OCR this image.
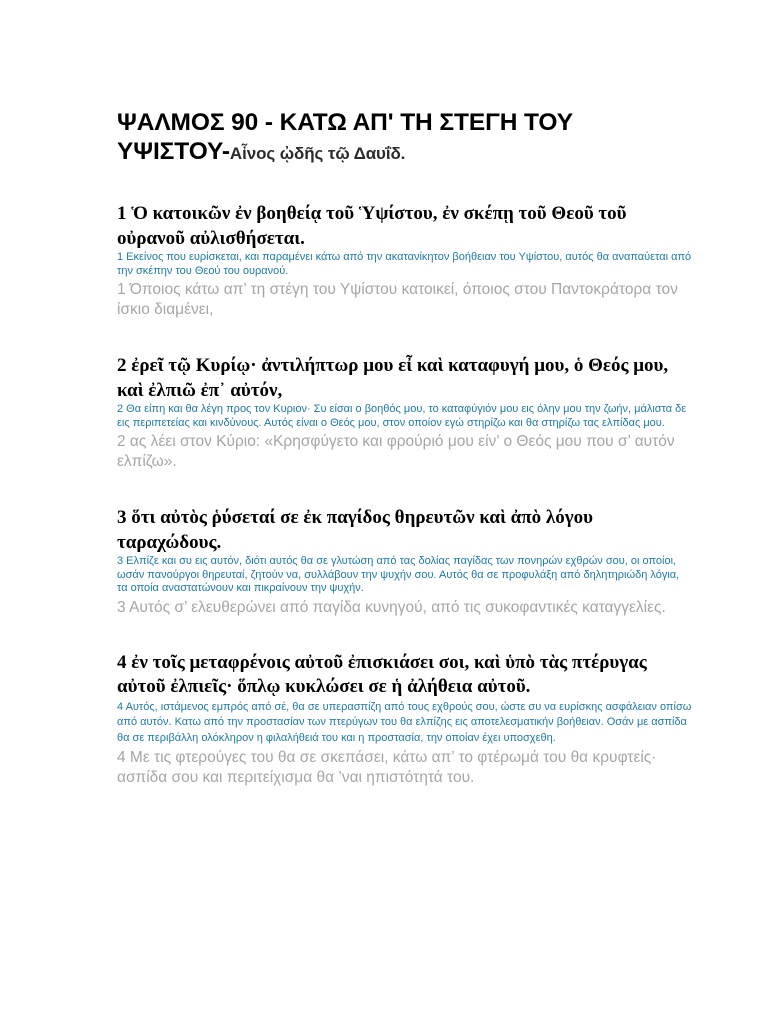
ΨΑΛΜΟΣ 90 - ΚΑΤΩ ΑΠ' ΤΗ ΣΤΕΓΗ ΤΟΥ ΥΨΙΣΤΟΥ-Αἶνος ᾠδῆς τῷ Δαυΐδ.

1 Ὁ κατοικῶν ἐν βοηθείᾳ τοῦ Ὑψίστου, ἐν σκέπῃ τοῦ Θεοῦ τοῦ οὐρανοῦ αὐλισθήσεται.

1 Εκείνος που ευρίσκεται, και παραμένει κάτω από την ακατανίκητον βοήθειαν του Υψίστου, αυτός θα αναπαύεται από την σκέπην του Θεού του ουρανού.

1 Όποιος κάτω απ’ τη στέγη του Υψίστου κατοικεί, όποιος στου Παντοκράτορα τον ίσκιο διαμένει,

2 ἐρεῖ τῷ Κυρίῳ· ἀντιλήπτωρ μου εἶ καὶ καταφυγή μου, ὁ Θεός μου, καὶ ἐλπιῶ ἐπ᾿ αὐτόν,

2 Θα είπη και θα λέγη προς τον Κυριον· Συ είσαι ο βοηθός μου, το καταφύγιόν μου εις όλην μου την ζωήν, μάλιστα δε εις περιπετείας και κινδύνους. Αυτός είναι ο Θεός μου, στον οποίον εγώ στηρίζω και θα στηρίζω τας ελπίδας μου.

2 ας λέει στον Κύριο: «Κρησφύγετο και φρούριό μου είν’ ο Θεός μου που σ’ αυτόν ελπίζω».

3 ὅτι αὐτὸς ῥύσεταί σε ἐκ παγίδος θηρευτῶν καὶ ἀπὸ λόγου ταραχώδους.

3 Ελπίζε και συ εις αυτόν, διότι αυτός θα σε γλυτώση από τας δολίας παγίδας των πονηρών εχθρών σου, οι οποίοι, ωσάν πανούργοι θηρευταί, ζητούν να, συλλάβουν την ψυχήν σου. Αυτός θα σε προφυλάξη από δηλητηριώδη λόγια, τα οποία αναστατώνουν και πικραίνουν την ψυχήν.

3 Αυτός σ’ ελευθερώνει από παγίδα κυνηγού, από τις συκοφαντικές καταγγελίες.

4 ἐν τοῖς μεταφρένοις αὐτοῦ ἐπισκιάσει σοι, καὶ ὑπὸ τὰς πτέρυγας αὐτοῦ ἐλπιεῖς· ὅπλῳ κυκλώσει σε ἡ ἀλήθεια αὐτοῦ.

4 Αυτός, ιστάμενος εμπρός από σέ, θα σε υπερασπίζη από τους εχθρούς σου, ώστε συ να ευρίσκης ασφάλειαν οπίσω από αυτόν. Κατω από την προστασίαν των πτερύγων του θα ελπίζης εις αποτελεσματικήν βοήθειαν. Οσάν με ασπίδα θα σε περιβάλλη ολόκληρον η φιλαλήθειά του και η προστασία, την οποίαν έχει υποσχεθη.

4 Με τις φτερούγες του θα σε σκεπάσει, κάτω απ’ το φτέρωμά του θα κρυφτείς· ασπίδα σου και περιτείχισμα θα ’ναι ηπιστότητά του.
